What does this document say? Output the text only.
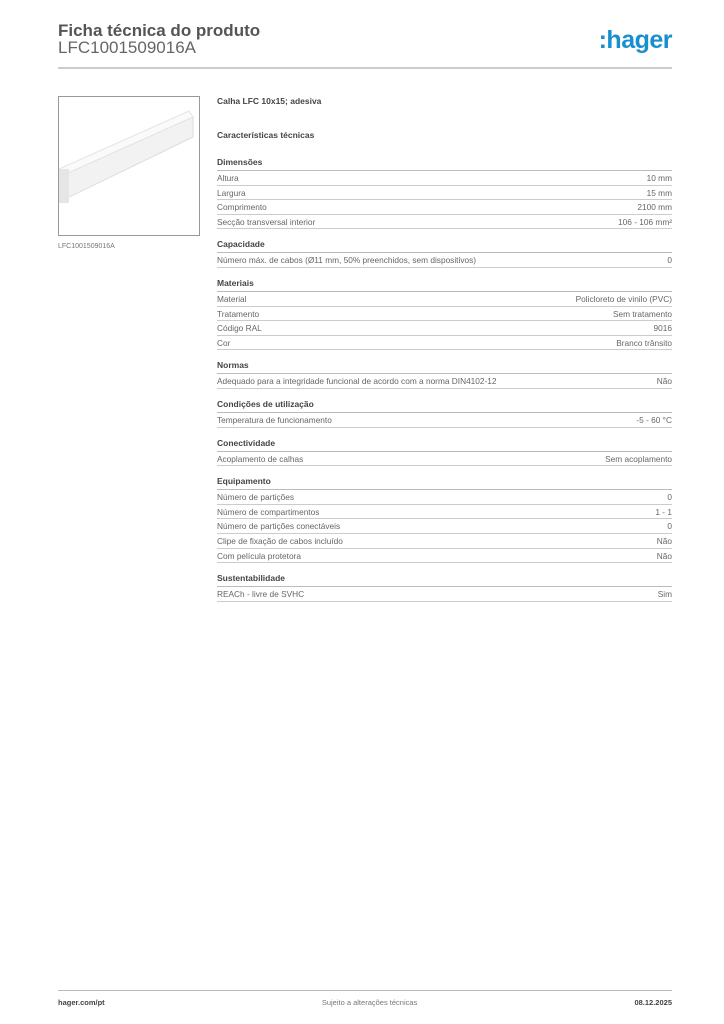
Ficha técnica do produto
LFC1001509016A	:hager
LFC1001509016A
Calha LFC 10x15; adesiva
Características técnicas
Dimensões
Altura	10 mm
Largura	15 mm
Comprimento	2100 mm
Secção transversal interior	106 - 106 mm²
Capacidade
Número máx. de cabos (Ø11 mm, 50% preenchidos, sem dispositivos)	0
Materiais
Material	Policloreto de vinilo (PVC)
Tratamento	Sem tratamento
Código RAL	9016
Cor	Branco trânsito
Normas
Adequado para a integridade funcional de acordo com a norma DIN4102-12	Não
Condições de utilização
Temperatura de funcionamento	-5 - 60 °C
Conectividade
Acoplamento de calhas	Sem acoplamento
Equipamento
Número de partições	0
Número de compartimentos	1 - 1
Número de partições conectáveis	0
Clipe de fixação de cabos incluído	Não
Com película protetora	Não
Sustentabilidade
REACh - livre de SVHC	Sim
hager.com/pt	Sujeito a alterações técnicas	08.12.2025
